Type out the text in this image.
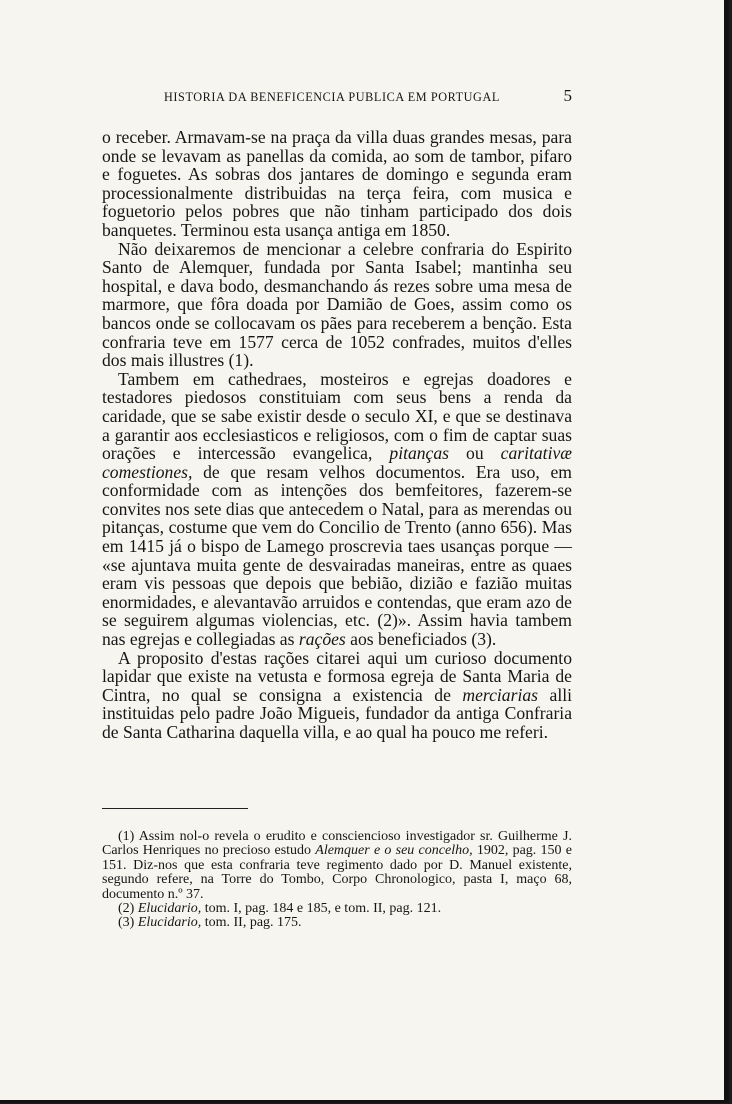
HISTORIA DA BENEFICENCIA PUBLICA EM PORTUGAL	5

o receber. Armavam-se na praça da villa duas grandes mesas, para onde se levavam as panellas da comida, ao som de tambor, pifaro e foguetes. As sobras dos jantares de domingo e segunda eram processionalmente distribuidas na terça feira, com musica e foguetorio pelos pobres que não tinham participado dos dois banquetes. Terminou esta usança antiga em 1850.

Não deixaremos de mencionar a celebre confraria do Espirito Santo de Alemquer, fundada por Santa Isabel; mantinha seu hospital, e dava bodo, desmanchando ás rezes sobre uma mesa de marmore, que fôra doada por Damião de Goes, assim como os bancos onde se collocavam os pães para receberem a benção. Esta confraria teve em 1577 cerca de 1052 confrades, muitos d'elles dos mais illustres (1).

Tambem em cathedraes, mosteiros e egrejas doadores e testadores piedosos constituiam com seus bens a renda da caridade, que se sabe existir desde o seculo XI, e que se destinava a garantir aos ecclesiasticos e religiosos, com o fim de captar suas orações e intercessão evangelica, pitanças ou caritativæ comestiones, de que resam velhos documentos. Era uso, em conformidade com as intenções dos bemfeitores, fazerem-se convites nos sete dias que antecedem o Natal, para as merendas ou pitanças, costume que vem do Concilio de Trento (anno 656). Mas em 1415 já o bispo de Lamego proscrevia taes usanças porque — «se ajuntava muita gente de desvairadas maneiras, entre as quaes eram vis pessoas que depois que bebião, dizião e fazião muitas enormidades, e alevantavão arruidos e contendas, que eram azo de se seguirem algumas violencias, etc. (2)». Assim havia tambem nas egrejas e collegiadas as rações aos beneficiados (3).

A proposito d'estas rações citarei aqui um curioso documento lapidar que existe na vetusta e formosa egreja de Santa Maria de Cintra, no qual se consigna a existencia de merciarias alli instituidas pelo padre João Migueis, fundador da antiga Confraria de Santa Catharina daquella villa, e ao qual ha pouco me referi.

(1) Assim nol-o revela o erudito e consciencioso investigador sr. Guilherme J. Carlos Henriques no precioso estudo Alemquer e o seu concelho, 1902, pag. 150 e 151. Diz-nos que esta confraria teve regimento dado por D. Manuel existente, segundo refere, na Torre do Tombo, Corpo Chronologico, pasta I, maço 68, documento n.º 37.

(2) Elucidario, tom. I, pag. 184 e 185, e tom. II, pag. 121.

(3) Elucidario, tom. II, pag. 175.
